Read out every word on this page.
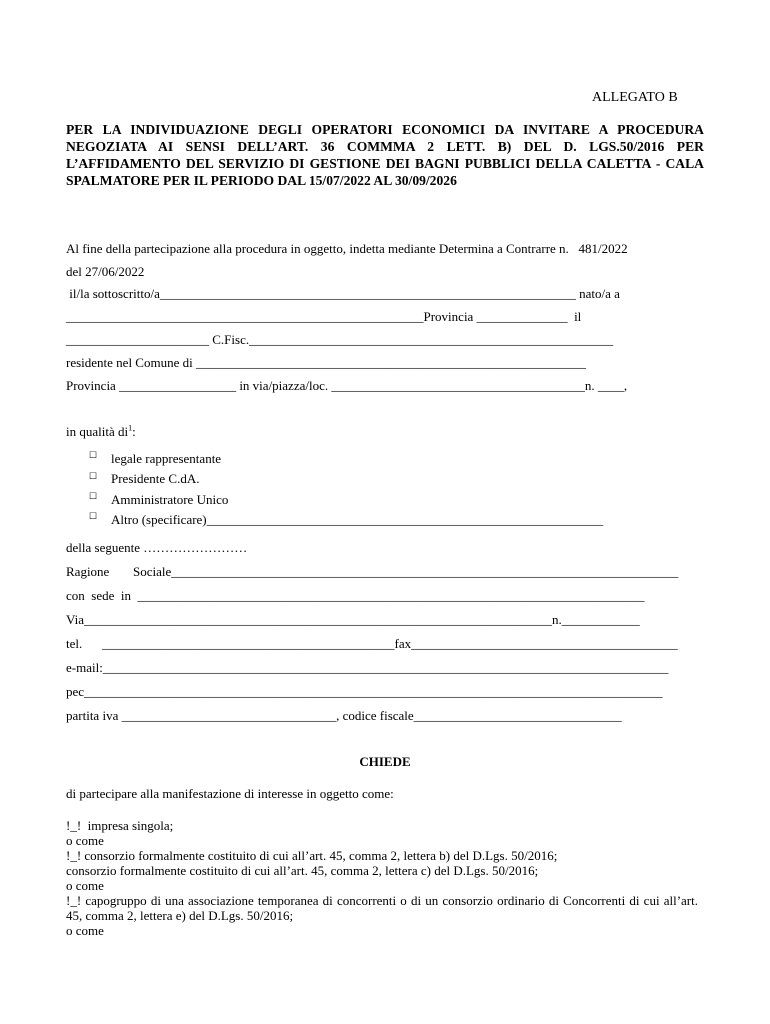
ALLEGATO B
PER LA INDIVIDUAZIONE DEGLI OPERATORI ECONOMICI DA INVITARE A PROCEDURA NEGOZIATA AI SENSI DELL’ART. 36 COMMMA 2 LETT. B) DEL D. LGS.50/2016 PER L’AFFIDAMENTO DEL SERVIZIO DI GESTIONE DEI BAGNI PUBBLICI DELLA CALETTA - CALA SPALMATORE PER IL PERIODO DAL 15/07/2022 AL 30/09/2026
Al fine della partecipazione alla procedura in oggetto, indetta mediante Determina a Contrarre n.   481/2022
del 27/06/2022
il/la sottoscritto/a________________________________________________________________ nato/a a
_______________________________________________________Provincia ______________  il
______________________ C.Fisc.________________________________________________________
residente nel Comune di ____________________________________________________________
Provincia __________________ in via/piazza/loc. _______________________________________n. ____,
in qualità $di^1$:
☐ legale rappresentante
☐ Presidente C.dA.
☐ Amministratore Unico
☐ Altro (specificare)_____________________________________________________________
della seguente ……………………
Ragione Sociale______________________________________________________________________________
con  sede  in  ______________________________________________________________________________
Via________________________________________________________________________n.____________
tel. _____________________________________________fax_________________________________________
e-mail:_______________________________________________________________________________________
pec_________________________________________________________________________________________
partita iva _________________________________, codice fiscale________________________________
CHIEDE
di partecipare alla manifestazione di interesse in oggetto come:
!_!  impresa singola;
o come
!_! consorzio formalmente costituito di cui all’art. 45, comma 2, lettera b) del D.Lgs. 50/2016;
consorzio formalmente costituito di cui all’art. 45, comma 2, lettera c) del D.Lgs. 50/2016;
o come
!_! capogruppo di una associazione temporanea di concorrenti o di un consorzio ordinario di Concorrenti di cui all’art. 45, comma 2, lettera e) del D.Lgs. 50/2016;
o come
